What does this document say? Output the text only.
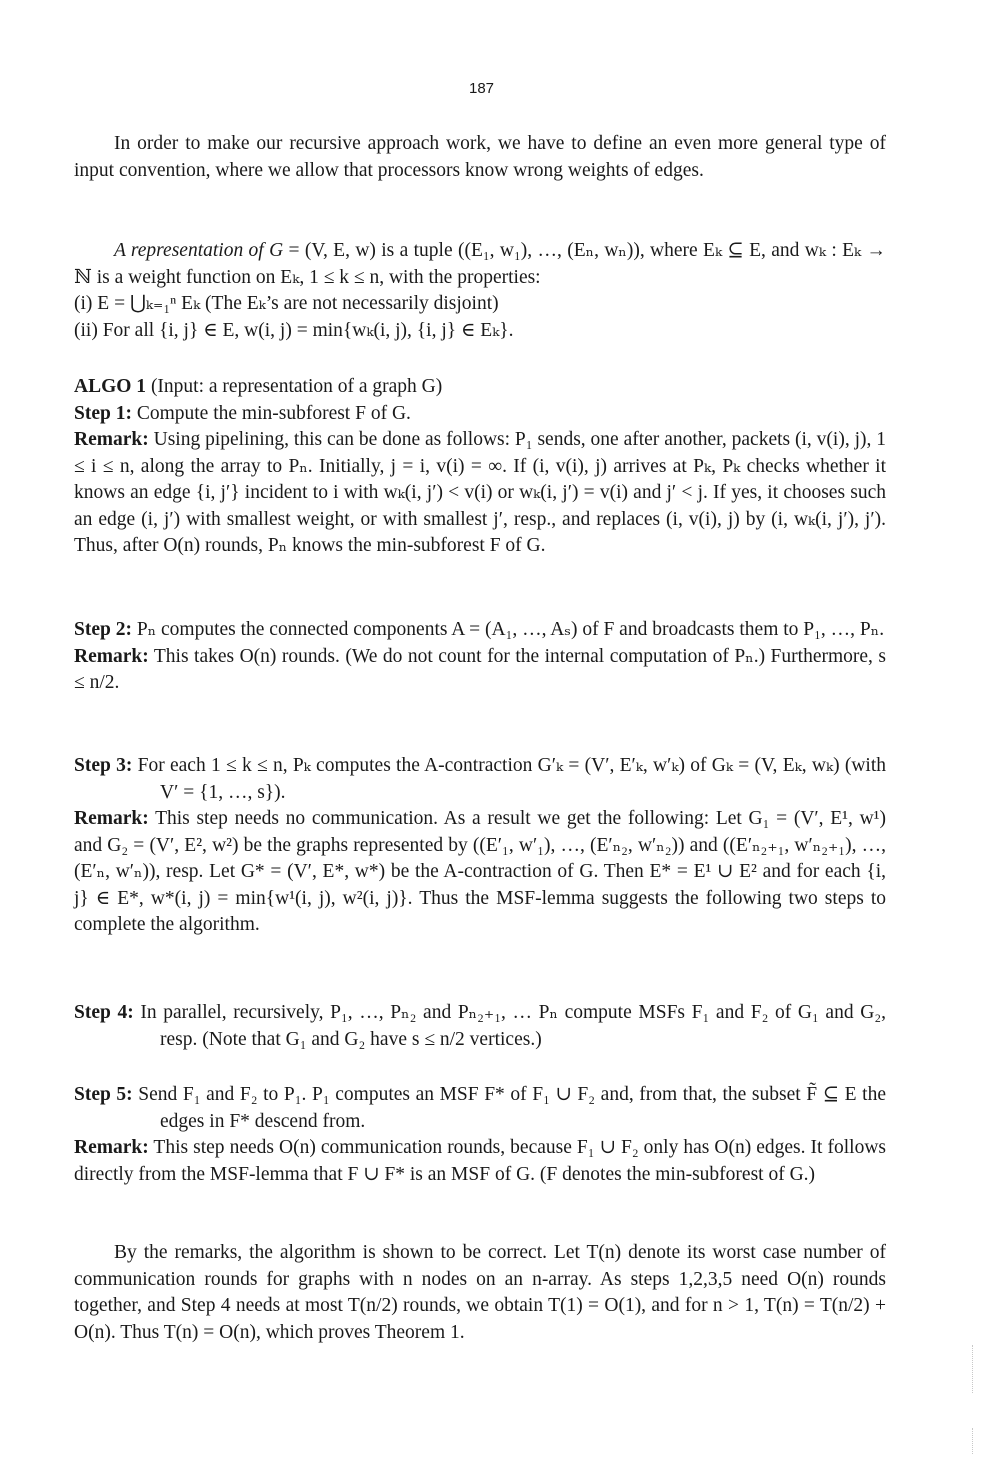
187

In order to make our recursive approach work, we have to define an even more general type of input convention, where we allow that processors know wrong weights of edges.

A representation of G = (V, E, w) is a tuple ((E₁, w₁), …, (Eₙ, wₙ)), where Eₖ ⊆ E, and wₖ : Eₖ → ℕ is a weight function on Eₖ, 1 ≤ k ≤ n, with the properties:

(i) E = ⋃ₖ₌₁ⁿ Eₖ (The Eₖ’s are not necessarily disjoint)

(ii) For all {i, j} ∈ E, w(i, j) = min{wₖ(i, j), {i, j} ∈ Eₖ}.

ALGO 1 (Input: a representation of a graph G)

Step 1: Compute the min-subforest F of G.

Remark: Using pipelining, this can be done as follows: P₁ sends, one after another, packets (i, v(i), j), 1 ≤ i ≤ n, along the array to Pₙ. Initially, j = i, v(i) = ∞. If (i, v(i), j) arrives at Pₖ, Pₖ checks whether it knows an edge {i, j′} incident to i with wₖ(i, j′) < v(i) or wₖ(i, j′) = v(i) and j′ < j. If yes, it chooses such an edge (i, j′) with smallest weight, or with smallest j′, resp., and replaces (i, v(i), j) by (i, wₖ(i, j′), j′). Thus, after O(n) rounds, Pₙ knows the min-subforest F of G.

Step 2: Pₙ computes the connected components A = (A₁, …, Aₛ) of F and broadcasts them to P₁, …, Pₙ.

Remark: This takes O(n) rounds. (We do not count for the internal computation of Pₙ.) Furthermore, s ≤ n/2.

Step 3: For each 1 ≤ k ≤ n, Pₖ computes the A-contraction G′ₖ = (V′, E′ₖ, w′ₖ) of Gₖ = (V, Eₖ, wₖ) (with V′ = {1, …, s}).

Remark: This step needs no communication. As a result we get the following: Let G₁ = (V′, E¹, w¹) and G₂ = (V′, E², w²) be the graphs represented by ((E′₁, w′₁), …, (E′ₙ₂, w′ₙ₂)) and ((E′ₙ₂₊₁, w′ₙ₂₊₁), …, (E′ₙ, w′ₙ)), resp. Let G* = (V′, E*, w*) be the A-contraction of G. Then E* = E¹ ∪ E² and for each {i, j} ∈ E*, w*(i, j) = min{w¹(i, j), w²(i, j)}. Thus the MSF-lemma suggests the following two steps to complete the algorithm.

Step 4: In parallel, recursively, P₁, …, Pₙ₂ and Pₙ₂₊₁, … Pₙ compute MSFs F₁ and F₂ of G₁ and G₂, resp. (Note that G₁ and G₂ have s ≤ n/2 vertices.)

Step 5: Send F₁ and F₂ to P₁. P₁ computes an MSF F* of F₁ ∪ F₂ and, from that, the subset F̃ ⊆ E the edges in F* descend from.

Remark: This step needs O(n) communication rounds, because F₁ ∪ F₂ only has O(n) edges. It follows directly from the MSF-lemma that F ∪ F* is an MSF of G. (F denotes the min-subforest of G.)

By the remarks, the algorithm is shown to be correct. Let T(n) denote its worst case number of communication rounds for graphs with n nodes on an n-array. As steps 1,2,3,5 need O(n) rounds together, and Step 4 needs at most T(n/2) rounds, we obtain T(1) = O(1), and for n > 1, T(n) = T(n/2) + O(n). Thus T(n) = O(n), which proves Theorem 1.
